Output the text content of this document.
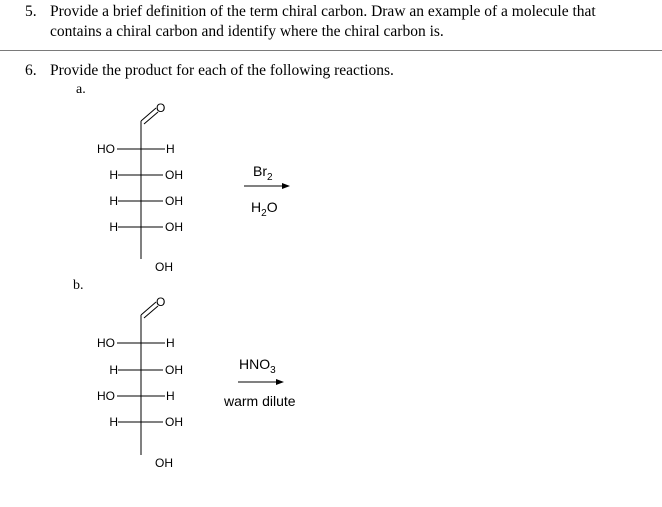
5. Provide a brief definition of the term chiral carbon. Draw an example of a molecule that
contains a chiral carbon and identify where the chiral carbon is.
6. Provide the product for each of the following reactions.
a.
O
HO	H
H	OH
H	OH
H	OH
OH
$Br_2$
$H_2O$
b.
O
HO	H
H	OH
HO	H
H	OH
OH
$HNO_3$
warm dilute
